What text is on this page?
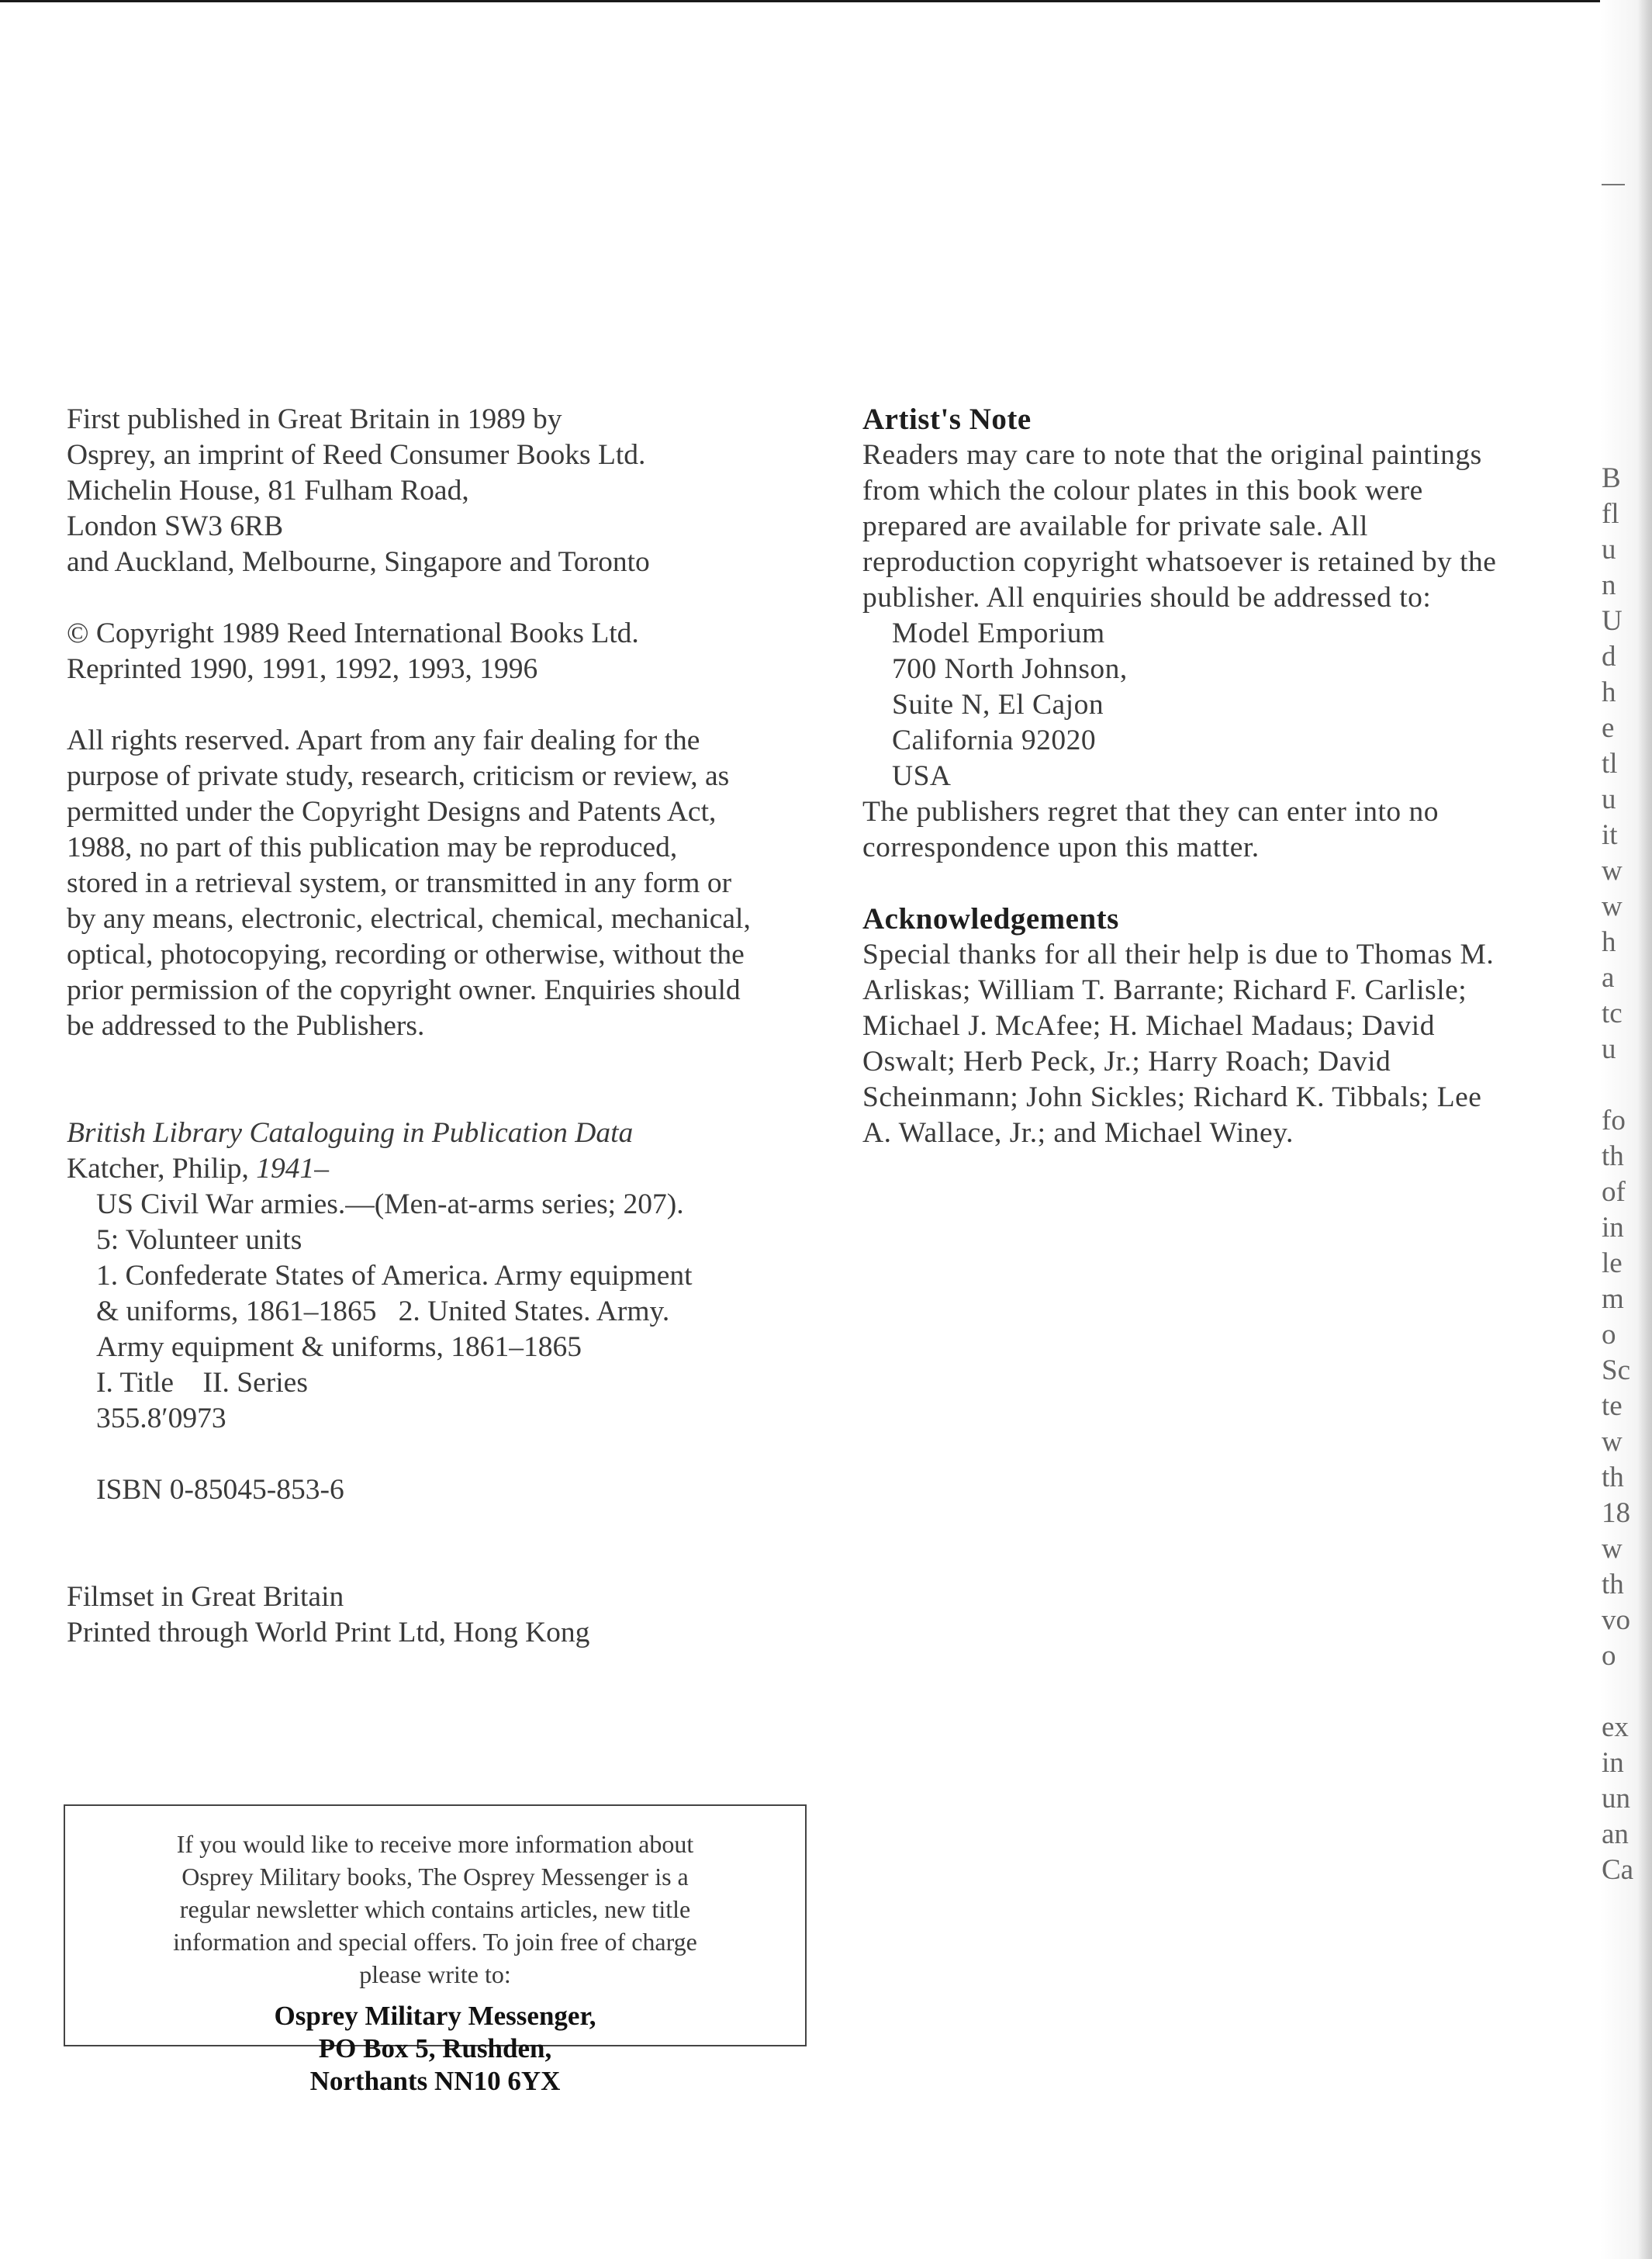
First published in Great Britain in 1989 by

Osprey, an imprint of Reed Consumer Books Ltd.

Michelin House, 81 Fulham Road,

London SW3 6RB

and Auckland, Melbourne, Singapore and Toronto

© Copyright 1989 Reed International Books Ltd.

Reprinted 1990, 1991, 1992, 1993, 1996

All rights reserved. Apart from any fair dealing for the

purpose of private study, research, criticism or review, as

permitted under the Copyright Designs and Patents Act,

1988, no part of this publication may be reproduced,

stored in a retrieval system, or transmitted in any form or

by any means, electronic, electrical, chemical, mechanical,

optical, photocopying, recording or otherwise, without the

prior permission of the copyright owner. Enquiries should

be addressed to the Publishers.

British Library Cataloguing in Publication Data

Katcher, Philip, 1941–

US Civil War armies.—(Men-at-arms series; 207).

5: Volunteer units

1. Confederate States of America. Army equipment

& uniforms, 1861–1865   2. United States. Army.

Army equipment & uniforms, 1861–1865

I. Title    II. Series

355.8′0973

ISBN 0-85045-853-6

Filmset in Great Britain

Printed through World Print Ltd, Hong Kong

Artist's Note

Readers may care to note that the original paintings

from which the colour plates in this book were

prepared are available for private sale. All

reproduction copyright whatsoever is retained by the

publisher. All enquiries should be addressed to:

Model Emporium

700 North Johnson,

Suite N, El Cajon

California 92020

USA

The publishers regret that they can enter into no

correspondence upon this matter.

Acknowledgements

Special thanks for all their help is due to Thomas M.

Arliskas; William T. Barrante; Richard F. Carlisle;

Michael J. McAfee; H. Michael Madaus; David

Oswalt; Herb Peck, Jr.; Harry Roach; David

Scheinmann; John Sickles; Richard K. Tibbals; Lee

A. Wallace, Jr.; and Michael Winey.

If you would like to receive more information about

Osprey Military books, The Osprey Messenger is a

regular newsletter which contains articles, new title

information and special offers. To join free of charge

please write to:

Osprey Military Messenger,

PO Box 5, Rushden,

Northants NN10 6YX

B

fl

u

n

U

d

h

e

tl

u

it

w

w

h

a

tc

u

fo

th

of

in

le

m

o

Sc

te

w

th

18

w

th

vo

o

ex

in

un

an

Ca
